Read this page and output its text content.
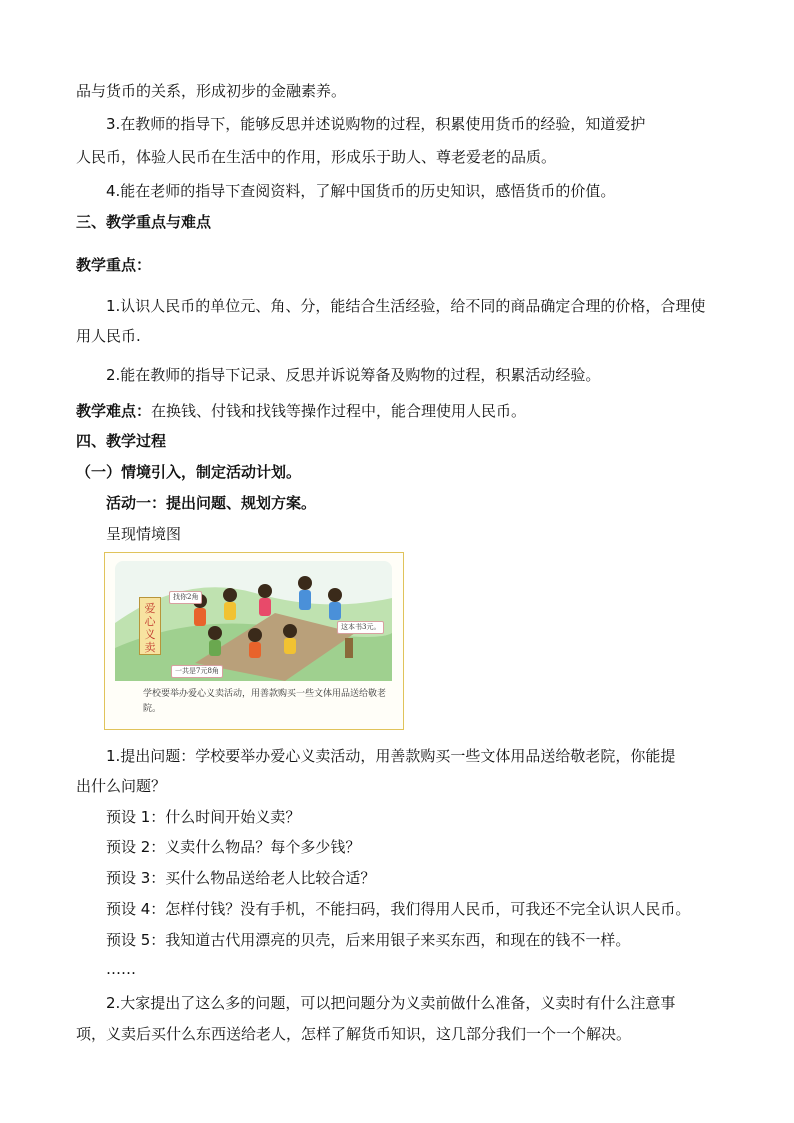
品与货币的关系，形成初步的金融素养。
3.在教师的指导下，能够反思并述说购物的过程，积累使用货币的经验，知道爱护
人民币，体验人民币在生活中的作用，形成乐于助人、尊老爱老的品质。
4.能在老师的指导下查阅资料，了解中国货币的历史知识，感悟货币的价值。
三、教学重点与难点
教学重点：
1.认识人民币的单位元、角、分，能结合生活经验，给不同的商品确定合理的价格，合理使
用人民币.
2.能在教师的指导下记录、反思并诉说筹备及购物的过程，积累活动经验。
教学难点：在换钱、付钱和找钱等操作过程中，能合理使用人民币。
四、教学过程
（一）情境引入，制定活动计划。
活动一：提出问题、规划方案。
呈现情境图
爱心义卖
找你2角
这本书3元。
一共是7元8角
学校要举办爱心义卖活动，用善款购买一些文体用品送给敬老院。
1.提出问题：学校要举办爱心义卖活动，用善款购买一些文体用品送给敬老院，你能提
出什么问题？
预设 1：什么时间开始义卖？
预设 2：义卖什么物品？每个多少钱？
预设 3：买什么物品送给老人比较合适？
预设 4：怎样付钱？没有手机，不能扫码，我们得用人民币，可我还不完全认识人民币。
预设 5：我知道古代用漂亮的贝壳，后来用银子来买东西，和现在的钱不一样。
……
2.大家提出了这么多的问题，可以把问题分为义卖前做什么准备，义卖时有什么注意事
项，义卖后买什么东西送给老人，怎样了解货币知识，这几部分我们一个一个解决。
